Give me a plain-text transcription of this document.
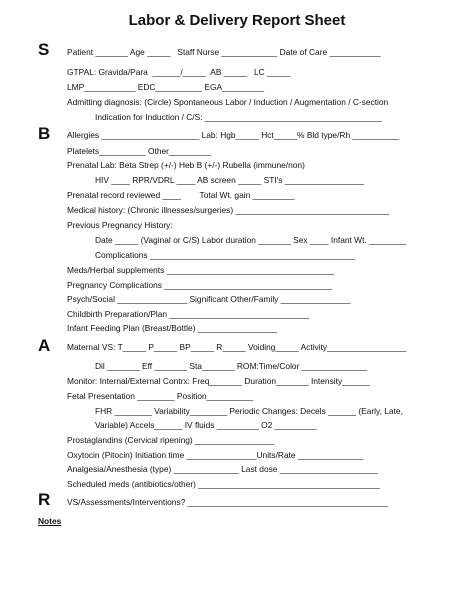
Labor & Delivery Report Sheet
S
B
A
R
Patient _______ Age _____   Staff Nurse ____________ Date of Care ___________
GTPAL: Gravida/Para  ______/_____  AB _____   LC _____
LMP___________ EDC__________ EGA_________
Admitting diagnosis: (Circle) Spontaneous Labor / Induction / Augmentation / C-section
Indication for Induction / C/S: ______________________________________
Allergies _____________________ Lab: Hgb_____ Hct_____% Bld type/Rh __________
Platelets__________ Other_________
Prenatal Lab: Beta Strep (+/-) Heb B (+/-) Rubella (immune/non)
HIV ____ RPR/VDRL ____ AB screen _____ STI's _________________
Prenatal record reviewed ____        Total Wt. gain _________
Medical history: (Chronic illnesses/surgeries) _________________________________
Previous Pregnancy History:
Date _____ (Vaginal or C/S) Labor duration _______ Sex ____ Infant Wt. ________
Complications ____________________________________________
Meds/Herbal supplements ____________________________________
Pregnancy Complications ____________________________________
Psych/Social _______________ Significant Other/Family _______________
Childbirth Preparation/Plan ______________________________
Infant Feeding Plan (Breast/Bottle) _________________
Maternal VS: T_____ P_____ BP_____ R_____ Voiding_____ Activity_________________
Dil _______ Eff _______ Sta_______ ROM:Time/Color ______________
Monitor: Internal/External Contrx: Freq_______ Duration_______ Intensity______
Fetal Presentation ________ Position__________
FHR ________ Variability________ Periodic Changes: Decels ______ (Early, Late,
Variable) Accels______ IV fluids _________ O2 _________
Prostaglandins (Cervical ripening) _________________
Oxytocin (Pitocin) Initiation time _______________Units/Rate ______________
Analgesia/Anesthesia (type) ______________ Last dose _____________________
Scheduled meds (antibiotics/other) _______________________________________
VS/Assessments/Interventions? ___________________________________________
Notes
